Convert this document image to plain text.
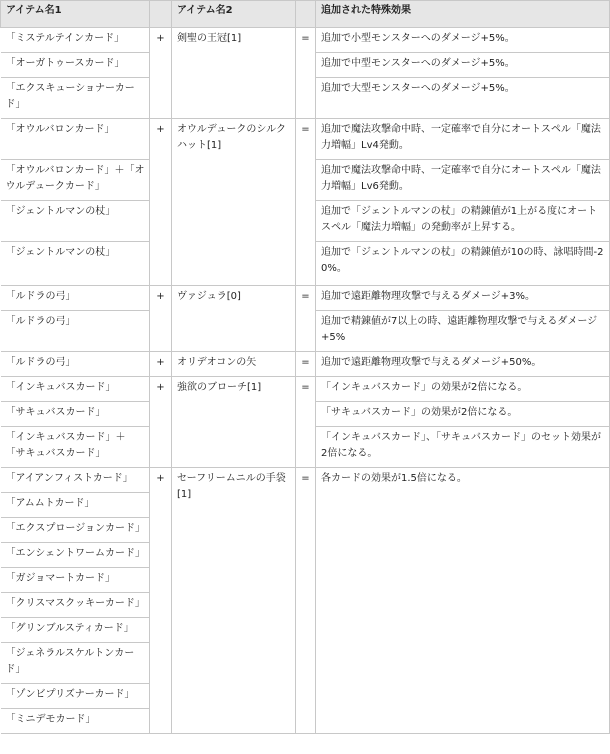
アイテム名1		アイテム名2		追加された特殊効果
「ミステルテインカード」	+	剣聖の王冠[1]	=	追加で小型モンスターへのダメージ+5%。
「オーガトゥースカード」				追加で中型モンスターへのダメージ+5%。
「エクスキューショナーカード」				追加で大型モンスターへのダメージ+5%。
「オウルバロンカード」	+	オウルデュークのシルクハット[1]	=	追加で魔法攻撃命中時、一定確率で自分にオートスペル「魔法力増幅」Lv4発動。
「オウルバロンカード」＋「オウルデュークカード」				追加で魔法攻撃命中時、一定確率で自分にオートスペル「魔法力増幅」Lv6発動。
「ジェントルマンの杖」				追加で「ジェントルマンの杖」の精錬値が1上がる度にオートスペル「魔法力増幅」の発動率が上昇する。
「ジェントルマンの杖」				追加で「ジェントルマンの杖」の精錬値が10の時、詠唱時間-20%。
「ルドラの弓」	+	ヴァジュラ[0]	=	追加で遠距離物理攻撃で与えるダメージ+3%。
「ルドラの弓」				追加で精錬値が7以上の時、遠距離物理攻撃で与えるダメージ+5%
「ルドラの弓」	+	オリデオコンの矢	=	追加で遠距離物理攻撃で与えるダメージ+50%。
「インキュバスカード」	+	強欲のブローチ[1]	=	「インキュバスカード」の効果が2倍になる。
「サキュバスカード」				「サキュバスカード」の効果が2倍になる。
「インキュバスカード」＋「サキュバスカード」				「インキュバスカード」、「サキュバスカード」のセット効果が2倍になる。
「アイアンフィストカード」	+	セーフリームニルの手袋[1]	=	各カードの効果が1.5倍になる。
「アムムトカード」				
「エクスプロージョンカード」				
「エンシェントワームカード」				
「ガジョマートカード」				
「クリスマスクッキーカード」				
「グリンブルスティカード」				
「ジェネラルスケルトンカード」				
「ゾンビプリズナーカード」				
「ミニデモカード」				
